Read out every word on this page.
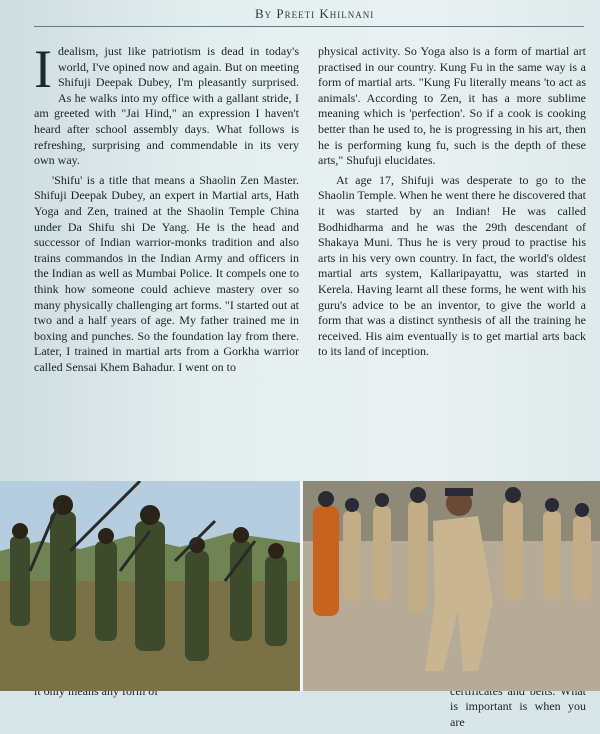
By Preeti Khilnani

Idealism, just like patriotism is dead in today's world, I've opined now and again. But on meeting Shifuji Deepak Dubey, I'm pleasantly surprised. As he walks into my office with a gallant stride, I am greeted with "Jai Hind," an expression I haven't heard after school assembly days. What follows is refreshing, surprising and commendable in its very own way.

'Shifu' is a title that means a Shaolin Zen Master. Shifuji Deepak Dubey, an expert in Martial arts, Hath Yoga and Zen, trained at the Shaolin Temple China under Da Shifu shi De Yang. He is the head and successor of Indian warrior-monks tradition and also trains commandos in the Indian Army and officers in the Indian as well as Mumbai Police. It compels one to think how someone could achieve mastery over so many physically challenging art forms. "I started out at two and a half years of age. My father trained me in boxing and punches. So the foundation lay from there. Later, I trained in martial arts from a Gorkha warrior called Sensai Khem Bahadur. I went on to

physical activity. So Yoga also is a form of martial art practised in our country. Kung Fu in the same way is a form of martial arts. "Kung Fu literally means 'to act as animals'. According to Zen, it has a more sublime meaning which is 'perfection'. So if a cook is cooking better than he used to, he is progressing in his art, then he is performing kung fu, such is the depth of these arts," Shufuji elucidates.

At age 17, Shifuji was desperate to go to the Shaolin Temple. When he went there he discovered that it was started by an Indian! He was called Bodhidharma and he was the 29th descendant of Shakaya Muni. Thus he is very proud to practise his arts in his very own country. In fact, the world's oldest martial arts system, Kallaripayattu, was started in Kerela. Having learnt all these forms, he went with his guru's advice to be an inventor, to give the world a form that was a distinct synthesis of all the training he received. His aim eventually is to get martial arts back to its land of inception.

is important is when you are
